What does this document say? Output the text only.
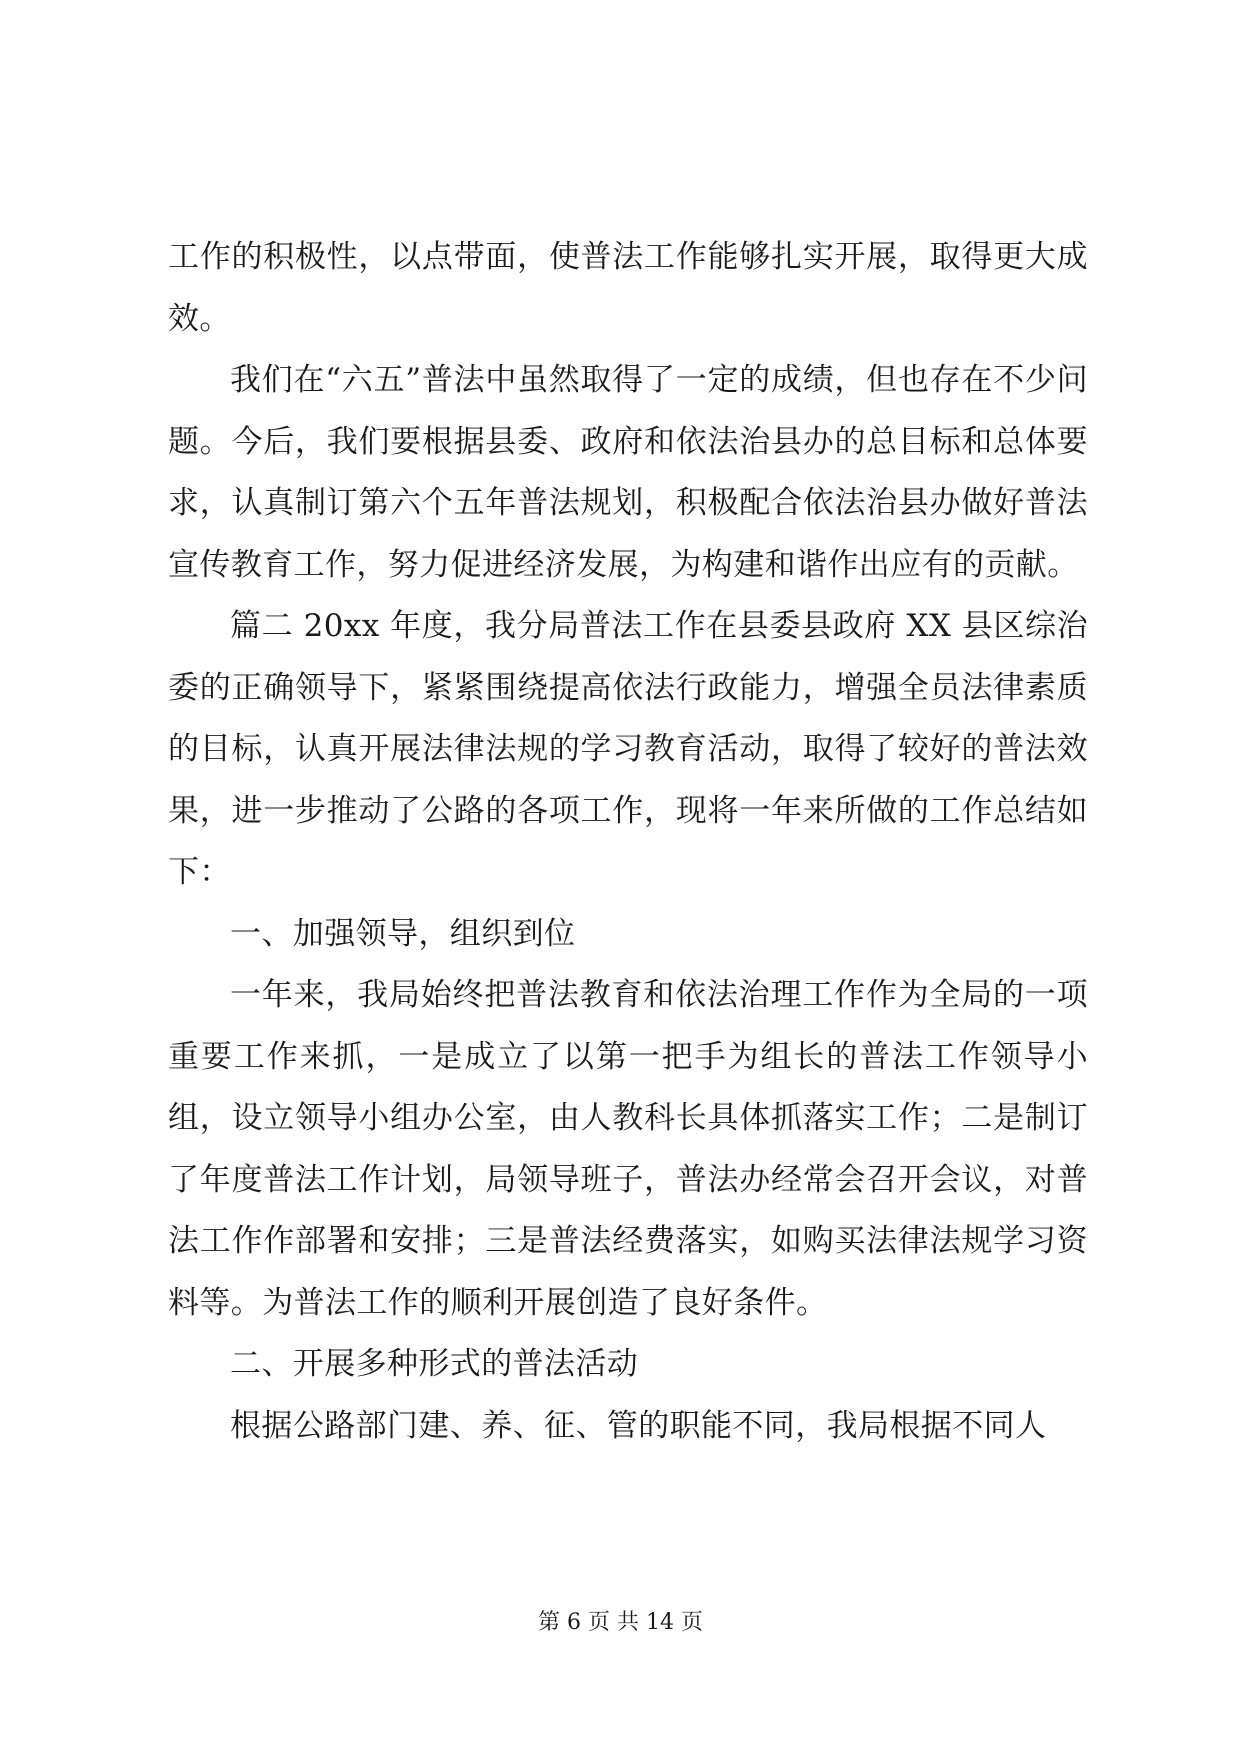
工作的积极性，以点带面，使普法工作能够扎实开展，取得更大成效。

我们在“六五”普法中虽然取得了一定的成绩，但也存在不少问题。今后，我们要根据县委、政府和依法治县办的总目标和总体要求，认真制订第六个五年普法规划，积极配合依法治县办做好普法宣传教育工作，努力促进经济发展，为构建和谐作出应有的贡献。

篇二 20xx 年度，我分局普法工作在县委县政府 XX 县区综治委的正确领导下，紧紧围绕提高依法行政能力，增强全员法律素质的目标，认真开展法律法规的学习教育活动，取得了较好的普法效果，进一步推动了公路的各项工作，现将一年来所做的工作总结如下：

一、加强领导，组织到位

一年来，我局始终把普法教育和依法治理工作作为全局的一项重要工作来抓，一是成立了以第一把手为组长的普法工作领导小组，设立领导小组办公室，由人教科长具体抓落实工作；二是制订了年度普法工作计划，局领导班子，普法办经常会召开会议，对普法工作作部署和安排；三是普法经费落实，如购买法律法规学习资料等。为普法工作的顺利开展创造了良好条件。

二、开展多种形式的普法活动

根据公路部门建、养、征、管的职能不同，我局根据不同人

第 6 页 共 14 页
